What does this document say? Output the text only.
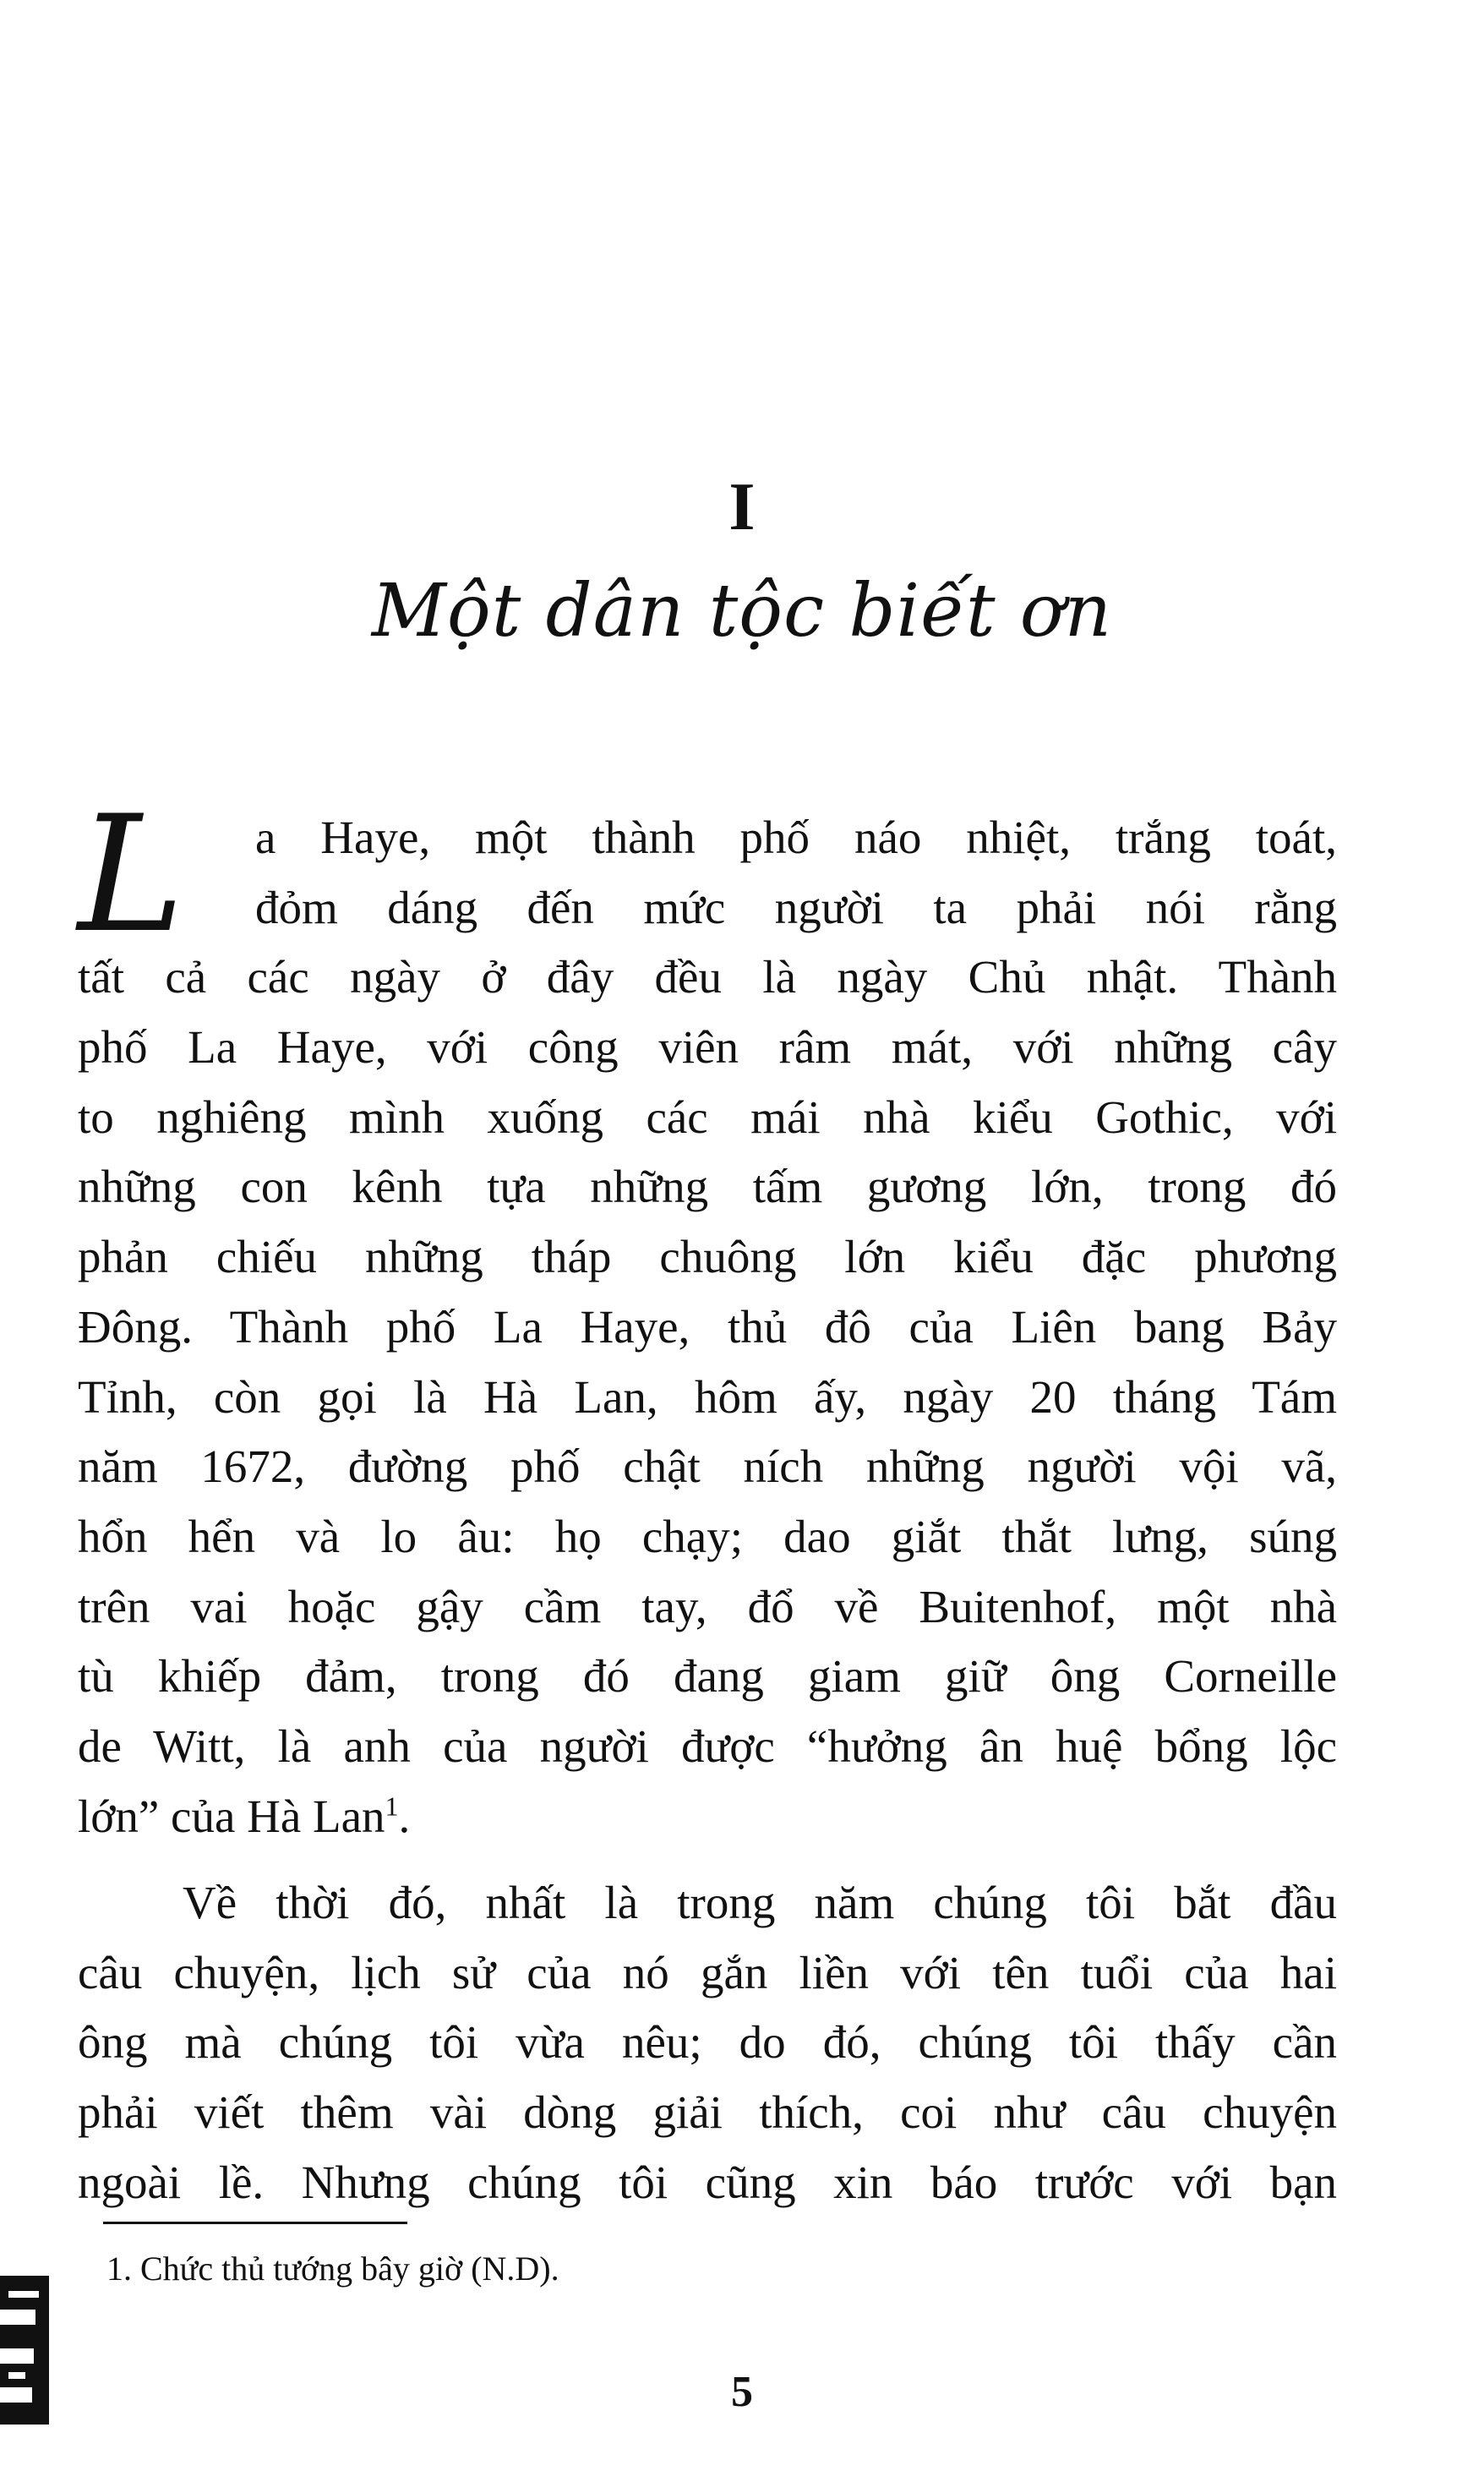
I
Một dân tộc biết ơn
L	a Haye, một thành phố náo nhiệt, trắng toát,
đỏm dáng đến mức người ta phải nói rằng
tất cả các ngày ở đây đều là ngày Chủ nhật. Thành
phố La Haye, với công viên râm mát, với những cây
to nghiêng mình xuống các mái nhà kiểu Gothic, với
những con kênh tựa những tấm gương lớn, trong đó
phản chiếu những tháp chuông lớn kiểu đặc phương
Đông. Thành phố La Haye, thủ đô của Liên bang Bảy
Tỉnh, còn gọi là Hà Lan, hôm ấy, ngày 20 tháng Tám
năm 1672, đường phố chật ních những người vội vã,
hổn hển và lo âu: họ chạy; dao giắt thắt lưng, súng
trên vai hoặc gậy cầm tay, đổ về Buitenhof, một nhà
tù khiếp đảm, trong đó đang giam giữ ông Corneille
de Witt, là anh của người được “hưởng ân huệ bổng lộc
lớn” của Hà Lan$^1$.
Về thời đó, nhất là trong năm chúng tôi bắt đầu
câu chuyện, lịch sử của nó gắn liền với tên tuổi của hai
ông mà chúng tôi vừa nêu; do đó, chúng tôi thấy cần
phải viết thêm vài dòng giải thích, coi như câu chuyện
ngoài lề. Nhưng chúng tôi cũng xin báo trước với bạn
1. Chức thủ tướng bây giờ (N.D).
5
